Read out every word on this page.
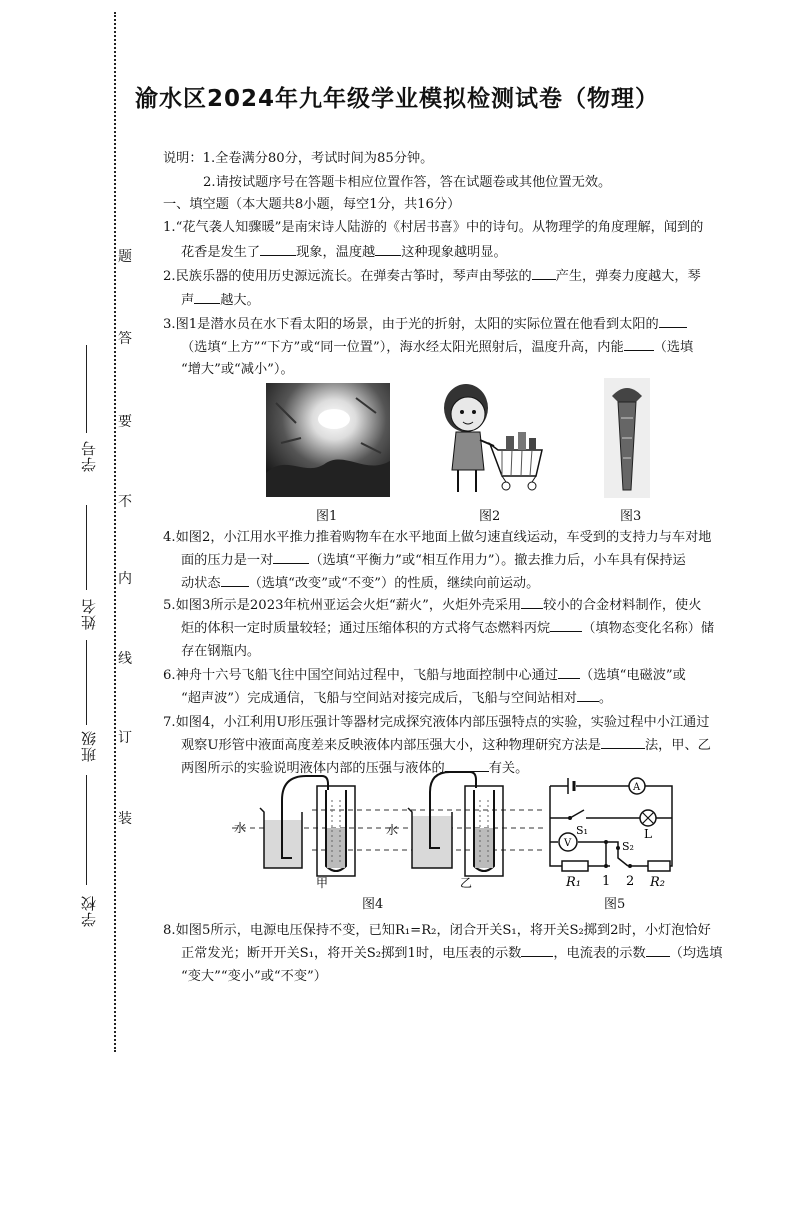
学校
班级
姓名
学号
题
答
要
不
内
线
订
装
渝水区2024年九年级学业模拟检测试卷（物理）

说明：1.全卷满分80分，考试时间为85分钟。

2.请按试题序号在答题卡相应位置作答，答在试题卷或其他位置无效。

一、填空题（本大题共8小题，每空1分，共16分）

1.“花气袭人知骤暖”是南宋诗人陆游的《村居书喜》中的诗句。从物理学的角度理解，闻到的

花香是发生了	现象，温度越 这种现象越明显。

2.民族乐器的使用历史源远流长。在弹奏古筝时，琴声由琴弦的 产生，弹奏力度越大，琴

声 越大。

3.图1是潜水员在水下看太阳的场景，由于光的折射，太阳的实际位置在他看到太阳的

（选填“上方”“下方”或“同一位置”），海水经太阳光照射后，温度升高，内能 （选填

“增大”或“减小”）。

图1	图2	图3

4.如图2，小江用水平推力推着购物车在水平地面上做匀速直线运动，车受到的支持力与车对地

面的压力是一对	（选填“平衡力”或“相互作用力”）。撤去推力后，小车具有保持运

动状态 （选填“改变”或“不变”）的性质，继续向前运动。

5.如图3所示是2023年杭州亚运会火炬“薪火”，火炬外壳采用 较小的合金材料制作，使火

炬的体积一定时质量较轻；通过压缩体积的方式将气态燃料丙烷 （填物态变化名称）储

存在钢瓶内。

6.神舟十六号飞船飞往中国空间站过程中，飞船与地面控制中心通过 （选填“电磁波”或

“超声波”）完成通信，飞船与空间站对接完成后，飞船与空间站相对 。

7.如图4，小江利用U形压强计等器材完成探究液体内部压强特点的实验，实验过程中小江通过

观察U形管中液面高度差来反映液体内部压强大小，这种物理研究方法是	法，甲、乙

两图所示的实验说明液体内部的压强与液体的	有关。

水	水
甲	乙
图4
A
V
L
S₁
S₂
R₁ 1 2 R₂
图5

8.如图5所示，电源电压保持不变，已知R₁=R₂，闭合开关S₁，将开关S₂掷到2时，小灯泡恰好

正常发光；断开开关S₁，将开关S₂掷到1时，电压表的示数 ，电流表的示数 （均选填

“变大”“变小”或“不变”）
